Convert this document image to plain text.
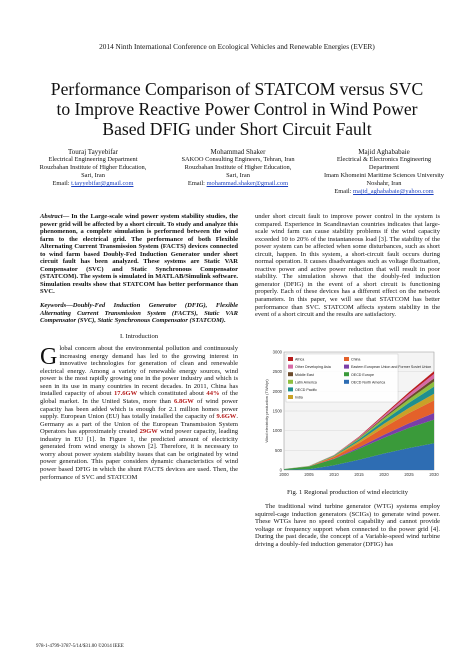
2014 Ninth International Conference on Ecological Vehicles and Renewable Energies (EVER)
Performance Comparison of STATCOM versus SVC
to Improve Reactive Power Control in Wind Power
Based DFIG under Short Circuit Fault
Touraj Tayyebifar
Electrical Engineering Department
Rouzbahan Institute of Higher Education,
Sari, Iran
Email: t.tayyebifar@gmail.com
Mohammad Shaker
SAKOO Consulting Engineers, Tehran, Iran
Rouzbahan Institute of Higher Education,
Sari, Iran
Email: mohammad.shaker@gmail.com
Majid Aghababaie
Electrical & Electronics Engineering
Department
Imam Khomeini Maritime Sciences University
Noshahr, Iran
Email: majid_aghababaie@yahoo.com
Abstract— In the Large-scale wind power system stability studies, the power grid will be affected by a short circuit. To study and analyze this phenomenon, a complete simulation is performed between the wind farm to the electrical grid. The performance of both Flexible Alternating Current Transmission System (FACTS) devices connected to wind farm based Doubly-Fed Induction Generator under short circuit fault has been analyzed. These systems are Static VAR Compensator (SVC) and Static Synchronous Compensator (STATCOM). The system is simulated in MATLAB/Simulink software. Simulation results show that STATCOM has better performance than SVC.
Keywords—Doubly-Fed Induction Generator (DFIG), Flexible Alternating Current Transmission System (FACTS), Static VAR Compensator (SVC), Static Synchronous Compensator (STATCOM).
I. Introduction
Global concern about the environmental pollution and continuously increasing energy demand has led to the growing interest in innovative technologies for generation of clean and renewable electrical energy. Among a variety of renewable energy sources, wind power is the most rapidly growing one in the power industry and which is seen in its use in many countries in recent decades. In 2011, China has installed capacity of about 17.6GW which constituted about 44% of the global market. In the United States, more than 6.8GW of wind power capacity has been added which is enough for 2.1 million homes power supply. European Union (EU) has totally installed the capacity of 9.6GW. Germany as a part of the Union of the European Transmission System Operators has approximately created 29GW wind power capacity, leading industry in EU [1]. In Figure 1, the predicted amount of electricity generated from wind energy is shown [2]. Therefore, it is necessary to worry about power system stability issues that can be originated by wind power generation. This paper considers dynamic characteristics of wind power based DFIG in which the shunt FACTS devices are used. Then, the performance of SVC and STATCOM
under short circuit fault to improve power control in the system is compared. Experience in Scandinavian countries indicates that large-scale wind farm can cause stability problems if the wind capacity exceeded 10 to 20% of the instantaneous load [3]. The stability of the power system can be affected when some disturbances, such as short circuit, happen. In this system, a short-circuit fault occurs during normal operation. It causes disadvantages such as voltage fluctuation, reactive power and active power reduction that will result in poor stability. The simulation shows that the doubly-fed induction generator (DFIG) in the event of a short circuit is functioning properly. Each of these devices has a different effect on the network parameters. In this paper, we will see that STATCOM has better performance than SVC. STATCOM affects system stability in the event of a short circuit and the results are satisfactory.
0
500
1000
1500
2000
2500
3000
2000	2005	2010	2015	2020	2025	2030
Wind electricity production (TWh/yr)
Africa
Other Developing Asia
Middle East
Latin America
OECD Pacific
India
China
Eastern European Union and Former Soviet Union
OECD Europe
OECD North America
Fig. 1 Regional production of wind electricity
The traditional wind turbine generator (WTG) systems employ squirrel-cage induction generators (SCIGs) to generate wind power. These WTGs have no speed control capability and cannot provide voltage or frequency support when connected to the power grid [4]. During the past decade, the concept of a Variable-speed wind turbine driving a doubly-fed induction generator (DFIG) has
978-1-4799-3787-5/14/$31.00 ©2014 IEEE
